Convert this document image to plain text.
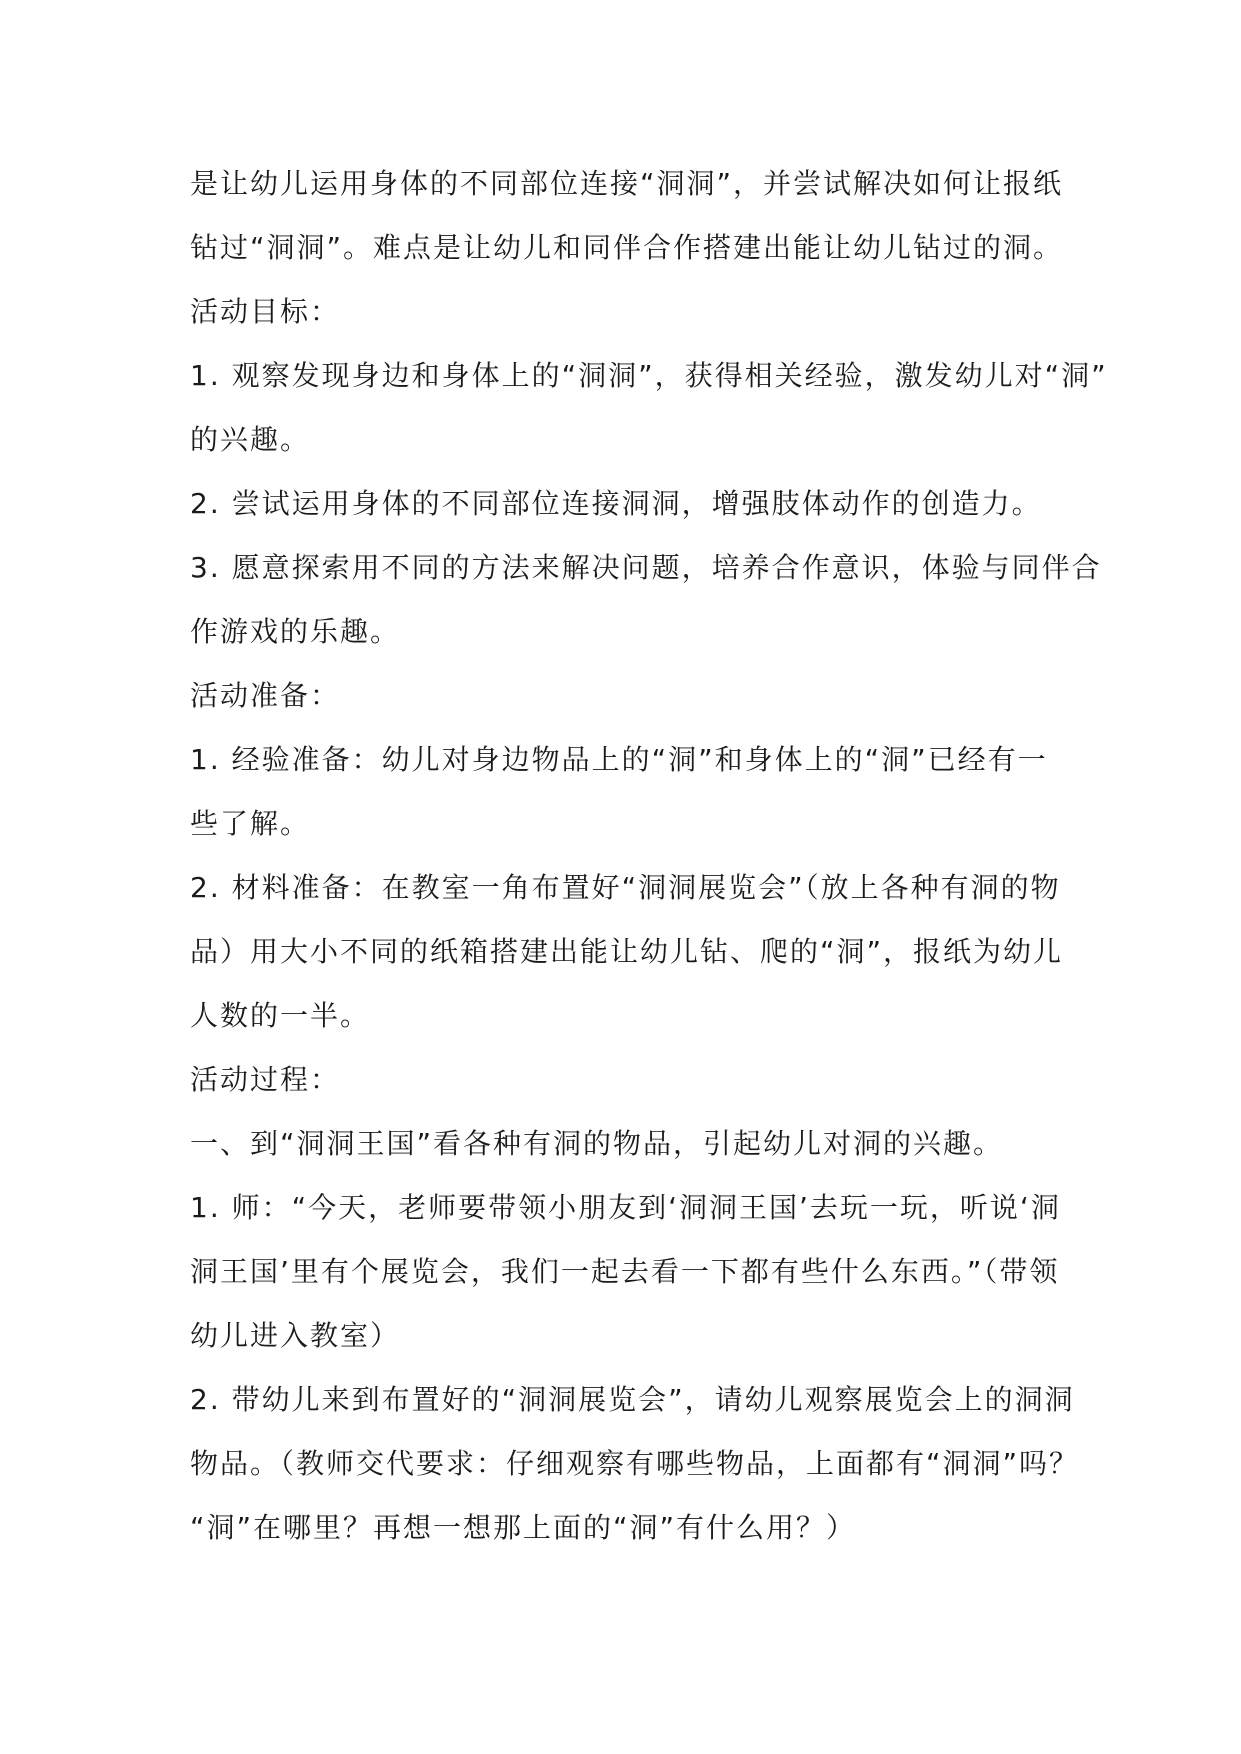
是让幼儿运用身体的不同部位连接“洞洞”，并尝试解决如何让报纸
钻过“洞洞”。难点是让幼儿和同伴合作搭建出能让幼儿钻过的洞。
活动目标：
1. 观察发现身边和身体上的“洞洞”，获得相关经验，激发幼儿对“洞”
的兴趣。
2. 尝试运用身体的不同部位连接洞洞，增强肢体动作的创造力。
3. 愿意探索用不同的方法来解决问题，培养合作意识，体验与同伴合
作游戏的乐趣。
活动准备：
1. 经验准备：幼儿对身边物品上的“洞”和身体上的“洞”已经有一
些了解。
2. 材料准备：在教室一角布置好“洞洞展览会”（放上各种有洞的物
品）用大小不同的纸箱搭建出能让幼儿钻、爬的“洞”，报纸为幼儿
人数的一半。
活动过程：
一、到“洞洞王国”看各种有洞的物品，引起幼儿对洞的兴趣。
1. 师：“今天，老师要带领小朋友到‘洞洞王国’去玩一玩，听说‘洞
洞王国’里有个展览会，我们一起去看一下都有些什么东西。”（带领
幼儿进入教室）
2. 带幼儿来到布置好的“洞洞展览会”，请幼儿观察展览会上的洞洞
物品。（教师交代要求：仔细观察有哪些物品，上面都有“洞洞”吗？
“洞”在哪里？再想一想那上面的“洞”有什么用？）
